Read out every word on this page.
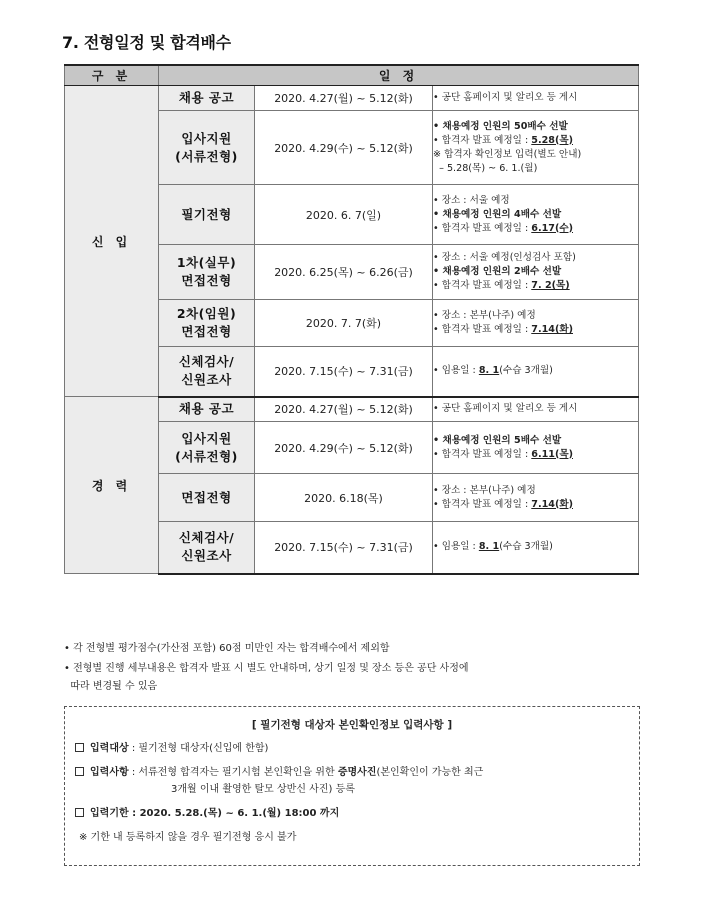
7. 전형일정 및 합격배수
구 분	일 정		
신 입	채용 공고	2020. 4.27(월) ~ 5.12(화)	• 공단 홈페이지 및 알리오 등 게시

	입사지원
(서류전형)	2020. 4.29(수) ~ 5.12(화)	• 채용예정 인원의 50배수 선발
• 합격자 발표 예정일 : 5.28(목)
※ 합격자 확인정보 입력(별도 안내)
– 5.28(목) ~ 6. 1.(월)

	필기전형	2020. 6. 7(일)	• 장소 : 서울 예정
• 채용예정 인원의 4배수 선발
• 합격자 발표 예정일 : 6.17(수)

	1차(실무)
면접전형	2020. 6.25(목) ~ 6.26(금)	• 장소 : 서울 예정(인성검사 포함)
• 채용예정 인원의 2배수 선발
• 합격자 발표 예정일 : 7. 2(목)

	2차(임원)
면접전형	2020. 7. 7(화)	• 장소 : 본부(나주) 예정
• 합격자 발표 예정일 : 7.14(화)

	신체검사/
신원조사	2020. 7.15(수) ~ 7.31(금)	• 임용일 : 8. 1(수습 3개월)

경 력	채용 공고	2020. 4.27(월) ~ 5.12(화)	• 공단 홈페이지 및 알리오 등 게시

	입사지원
(서류전형)	2020. 4.29(수) ~ 5.12(화)	• 채용예정 인원의 5배수 선발
• 합격자 발표 예정일 : 6.11(목)

	면접전형	2020. 6.18(목)	• 장소 : 본부(나주) 예정
• 합격자 발표 예정일 : 7.14(화)

	신체검사/
신원조사	2020. 7.15(수) ~ 7.31(금)	• 임용일 : 8. 1(수습 3개월)
• 각 전형별 평가점수(가산점 포함) 60점 미만인 자는 합격배수에서 제외함
• 전형별 진행 세부내용은 합격자 발표 시 별도 안내하며, 상기 일정 및 장소 등은 공단 사정에
따라 변경될 수 있음
[ 필기전형 대상자 본인확인정보 입력사항 ]
입력대상 : 필기전형 대상자(신입에 한함)
입력사항 : 서류전형 합격자는 필기시험 본인확인을 위한 증명사진(본인확인이 가능한 최근
3개월 이내 촬영한 탈모 상반신 사진) 등록
입력기한 : 2020. 5.28.(목) ~ 6. 1.(월) 18:00 까지
※ 기한 내 등록하지 않을 경우 필기전형 응시 불가
